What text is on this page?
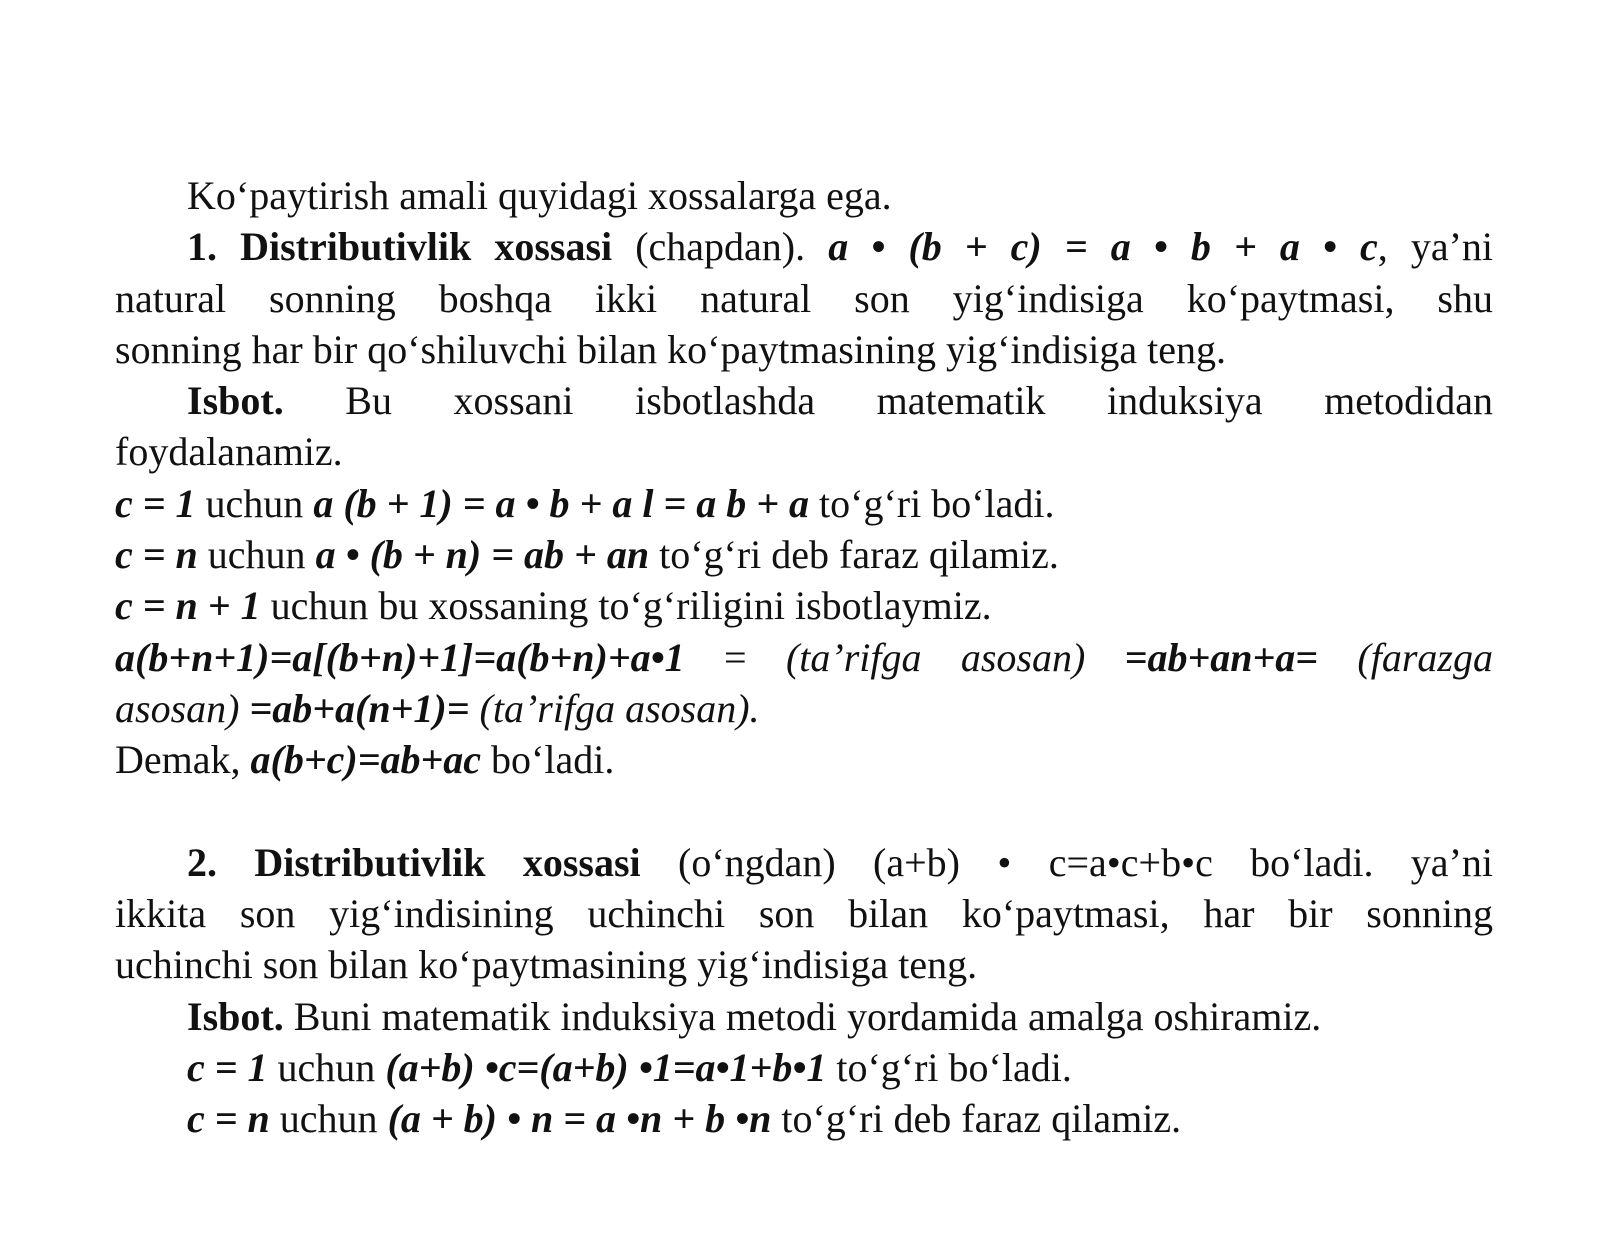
Ko‘paytirish amali quyidagi xossalarga ega.
1. Distributivlik xossasi (chapdan). a • (b + c) = a • b + a • c, ya’ni
natural sonning boshqa ikki natural son yig‘indisiga ko‘paytmasi, shu
sonning har bir qo‘shiluvchi bilan ko‘paytmasining yig‘indisiga teng.
Isbot. Bu xossani isbotlashda matematik induksiya metodidan
foydalanamiz.
c = 1 uchun a (b + 1) = a • b + a l = a b + a to‘g‘ri bo‘ladi.
c = n uchun a • (b + n) = ab + an to‘g‘ri deb faraz qilamiz.
c = n + 1 uchun bu xossaning to‘g‘riligini isbotlaymiz.
a(b+n+1)=a[(b+n)+1]=a(b+n)+a•1 = (ta’rifga asosan) =ab+an+a= (farazga
asosan) =ab+a(n+1)= (ta’rifga asosan).
Demak, a(b+c)=ab+ac bo‘ladi.
2. Distributivlik xossasi (o‘ngdan) (a+b) • c=a•c+b•c bo‘ladi. ya’ni
ikkita son yig‘indisining uchinchi son bilan ko‘paytmasi, har bir sonning
uchinchi son bilan ko‘paytmasining yig‘indisiga teng.
Isbot. Buni matematik induksiya metodi yordamida amalga oshiramiz.
c = 1 uchun (a+b) •c=(a+b) •1=a•1+b•1 to‘g‘ri bo‘ladi.
c = n uchun (a + b) • n = a •n + b •n to‘g‘ri deb faraz qilamiz.
